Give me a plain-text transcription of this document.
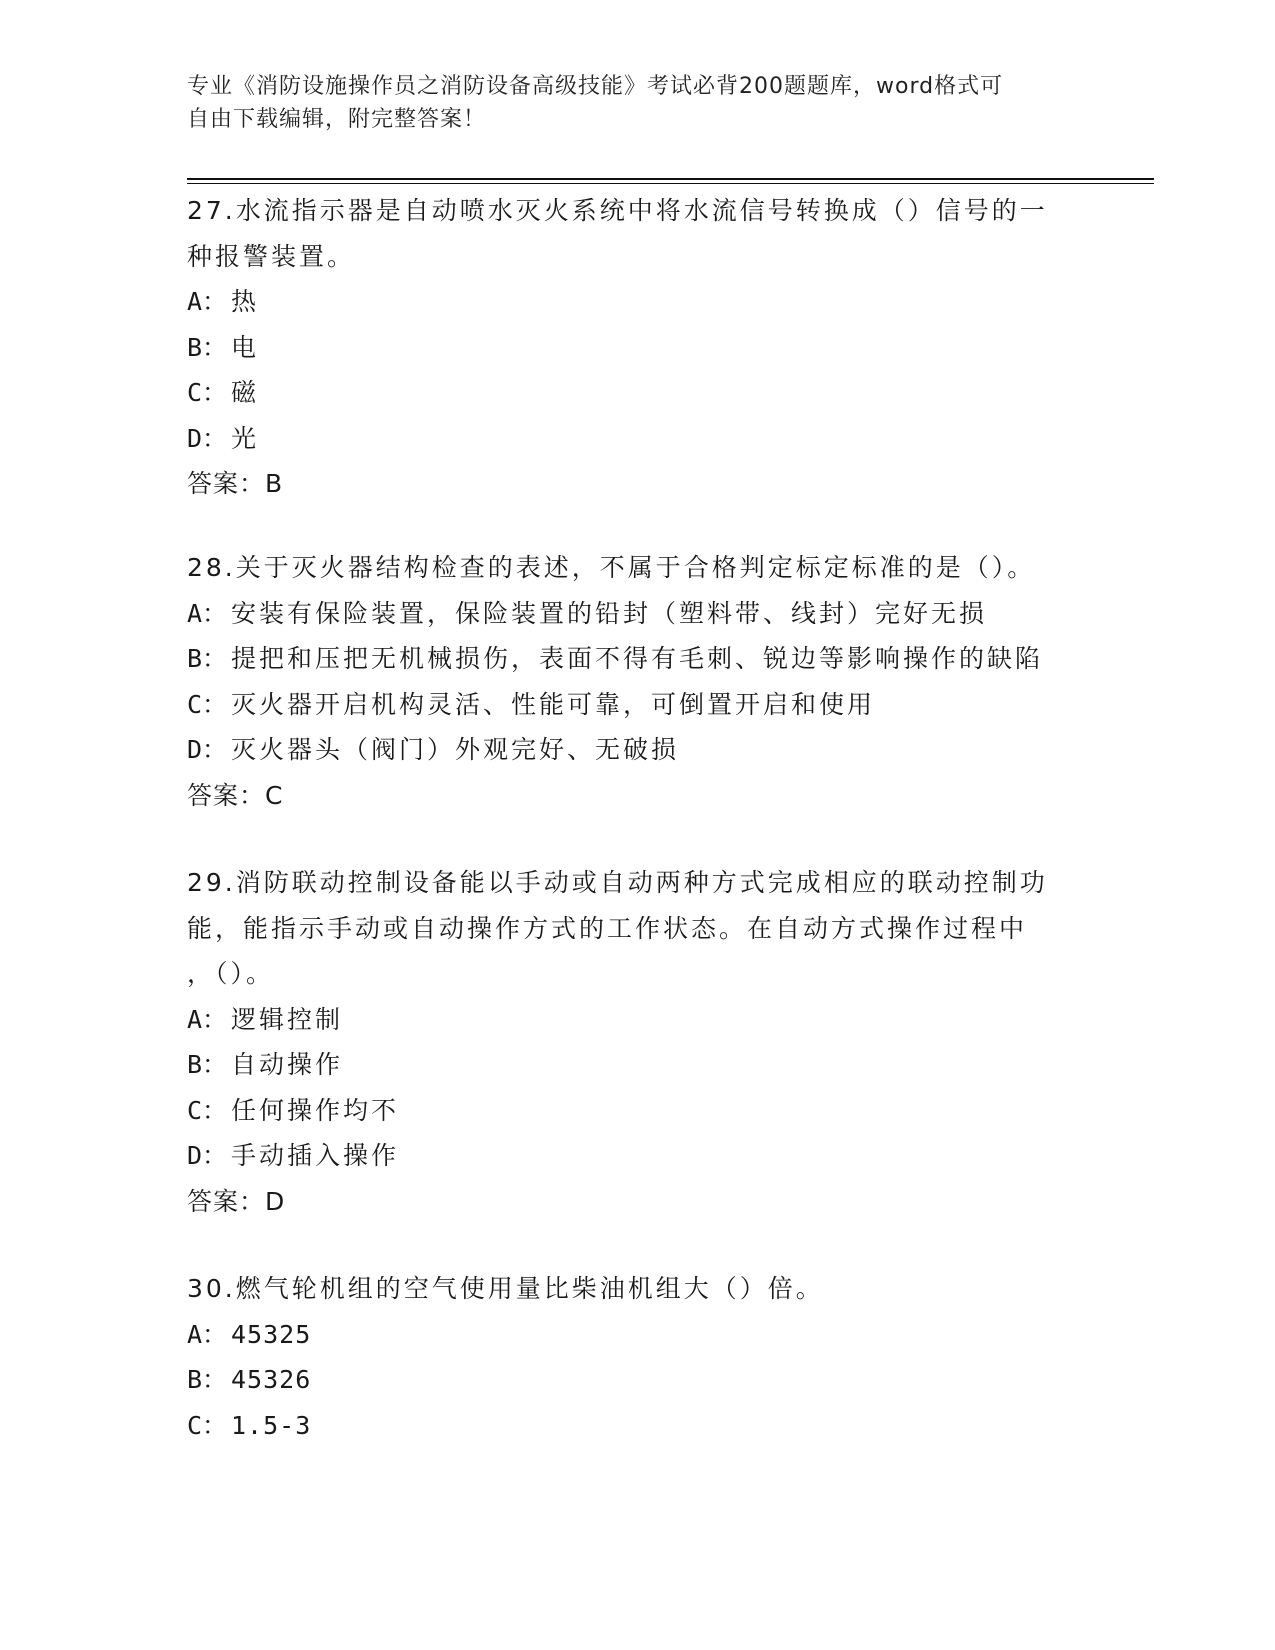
专业《消防设施操作员之消防设备高级技能》考试必背200题题库，word格式可
自由下载编辑，附完整答案！
27.水流指示器是自动喷水灭火系统中将水流信号转换成（）信号的一
种报警装置。
A： 热
B： 电
C： 磁
D： 光
答案：B
28.关于灭火器结构检查的表述，不属于合格判定标定标准的是（）。
A： 安装有保险装置，保险装置的铅封（塑料带、线封）完好无损
B： 提把和压把无机械损伤，表面不得有毛刺、锐边等影响操作的缺陷
C： 灭火器开启机构灵活、性能可靠，可倒置开启和使用
D： 灭火器头（阀门）外观完好、无破损
答案：C
29.消防联动控制设备能以手动或自动两种方式完成相应的联动控制功
能，能指示手动或自动操作方式的工作状态。在自动方式操作过程中
，（）。
A： 逻辑控制
B： 自动操作
C： 任何操作均不
D： 手动插入操作
答案：D
30.燃气轮机组的空气使用量比柴油机组大（）倍。
A： 45325
B： 45326
C： 1.5-3
